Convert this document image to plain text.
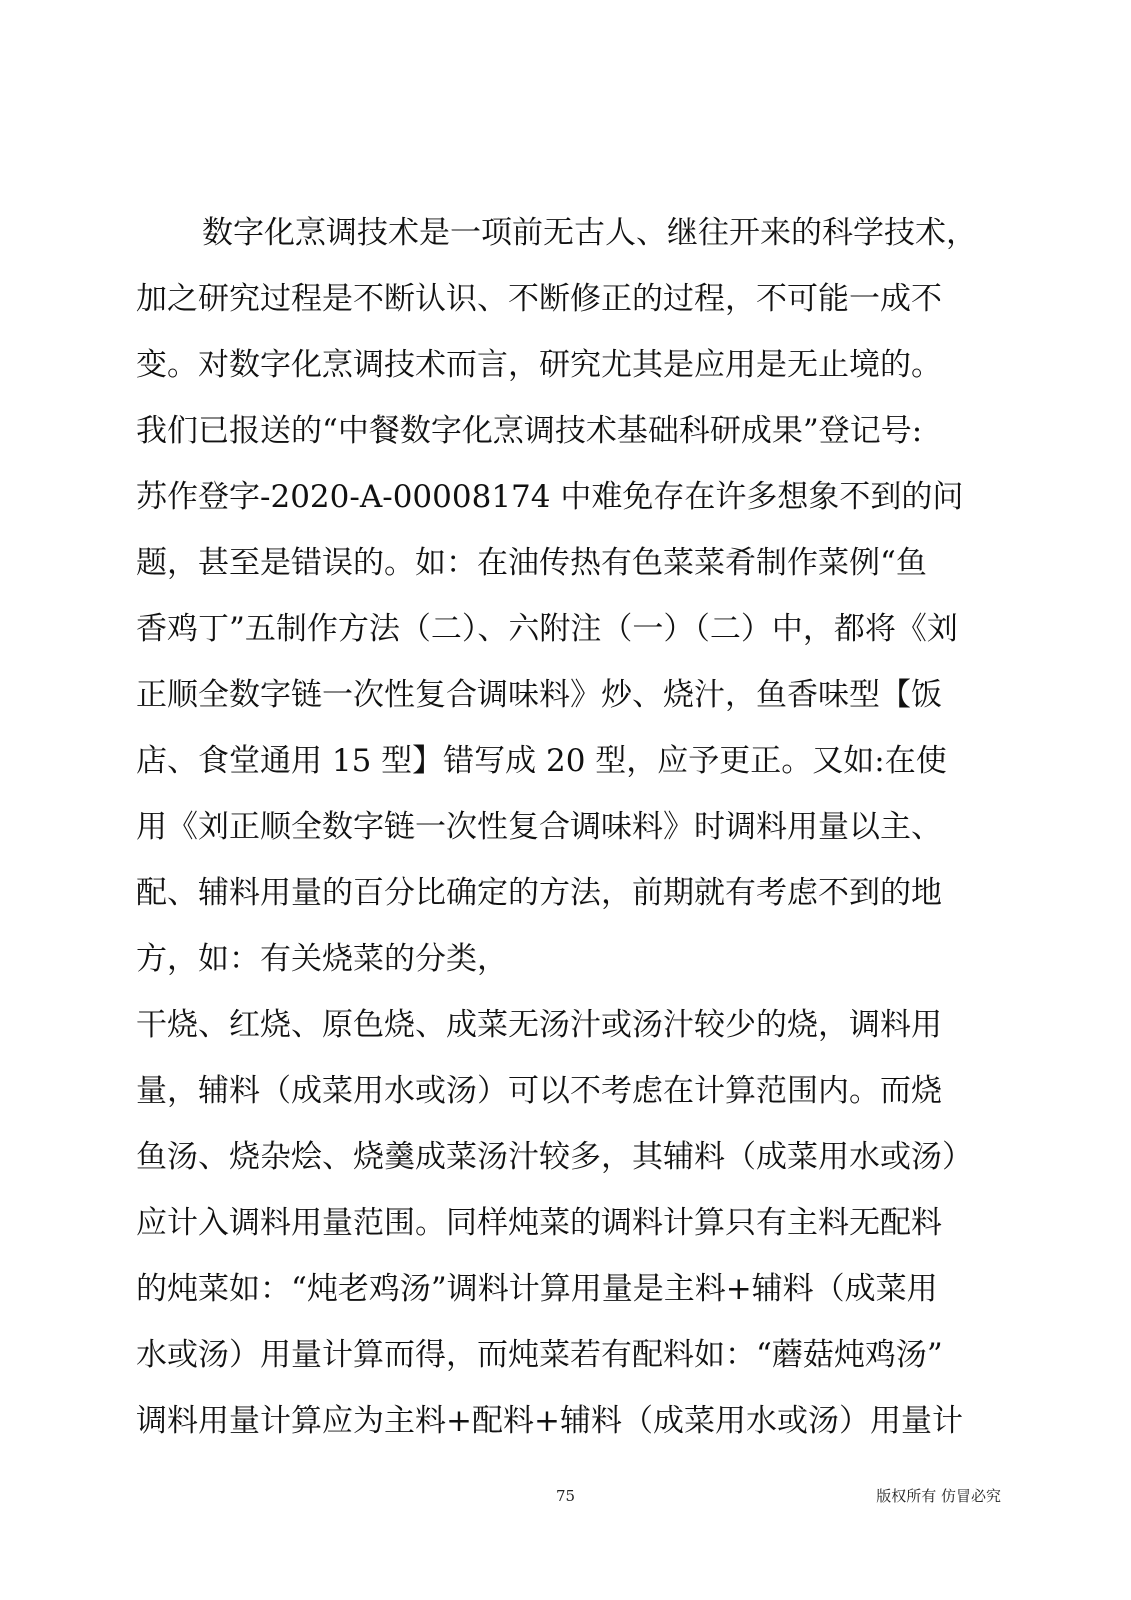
数字化烹调技术是一项前无古人、继往开来的科学技术，
加之研究过程是不断认识、不断修正的过程，不可能一成不
变。对数字化烹调技术而言，研究尤其是应用是无止境的。
我们已报送的“中餐数字化烹调技术基础科研成果”登记号:
苏作登字-2020-A-00008174 中难免存在许多想象不到的问
题，甚至是错误的。如：在油传热有色菜菜肴制作菜例“鱼
香鸡丁”五制作方法（二）、六附注（一）（二）中，都将《刘
正顺全数字链一次性复合调味料》炒、烧汁，鱼香味型【饭
店、食堂通用 15 型】错写成 20 型，应予更正。又如:在使
用《刘正顺全数字链一次性复合调味料》时调料用量以主、
配、辅料用量的百分比确定的方法，前期就有考虑不到的地
方，如：有关烧菜的分类，
干烧、红烧、原色烧、成菜无汤汁或汤汁较少的烧，调料用
量，辅料（成菜用水或汤）可以不考虑在计算范围内。而烧
鱼汤、烧杂烩、烧羹成菜汤汁较多，其辅料（成菜用水或汤）
应计入调料用量范围。同样炖菜的调料计算只有主料无配料
的炖菜如：“炖老鸡汤”调料计算用量是主料+辅料（成菜用
水或汤）用量计算而得，而炖菜若有配料如：“蘑菇炖鸡汤”
调料用量计算应为主料+配料+辅料（成菜用水或汤）用量计
75	版权所有 仿冒必究
